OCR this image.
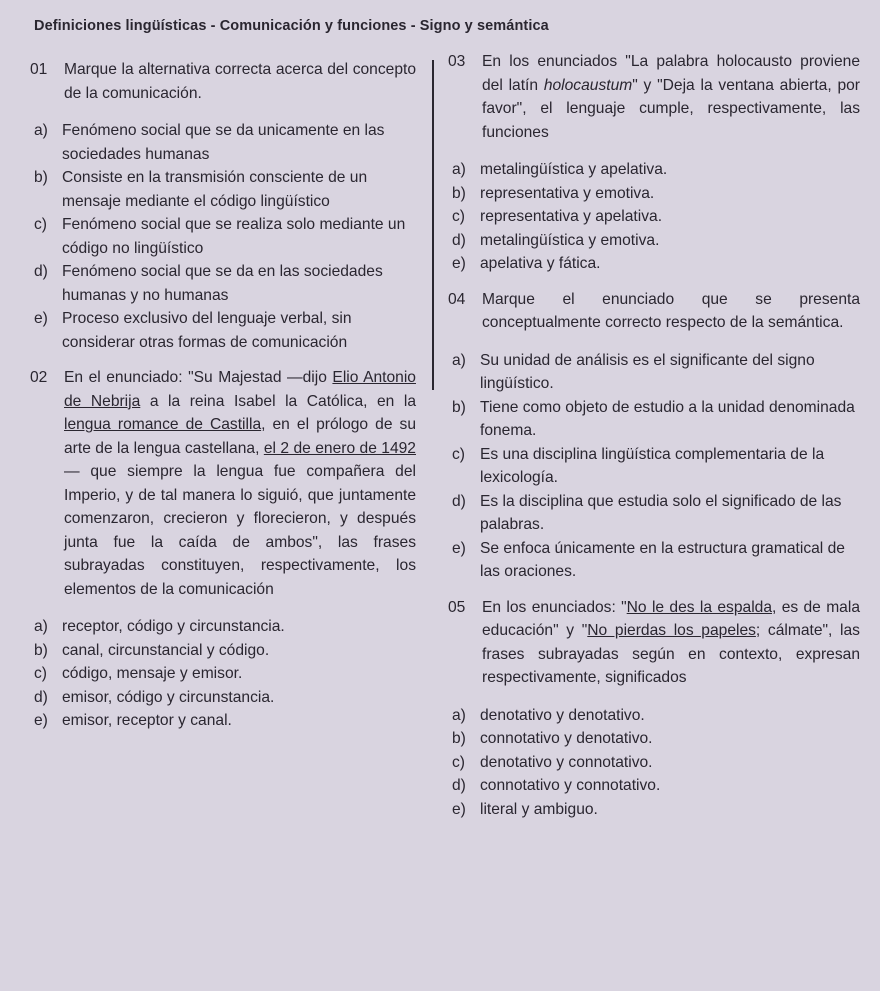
Definiciones lingüísticas - Comunicación y funciones - Signo y semántica
01	Marque la alternativa correcta acerca del concepto de la comunicación.
a) Fenómeno social que se da unicamente en las sociedades humanas
b) Consiste en la transmisión consciente de un mensaje mediante el código lingüístico
c) Fenómeno social que se realiza solo mediante un código no lingüístico
d) Fenómeno social que se da en las sociedades humanas y no humanas
e) Proceso exclusivo del lenguaje verbal, sin considerar otras formas de comunicación
02	En el enunciado: "Su Majestad —dijo Elio Antonio de Nebrija a la reina Isabel la Católica, en la lengua romance de Castilla, en el prólogo de su arte de la lengua castellana, el 2 de enero de 1492— que siempre la lengua fue compañera del Imperio, y de tal manera lo siguió, que juntamente comenzaron, crecieron y florecieron, y después junta fue la caída de ambos", las frases subrayadas constituyen, respectivamente, los elementos de la comunicación
a) receptor, código y circunstancia.
b) canal, circunstancial y código.
c) código, mensaje y emisor.
d) emisor, código y circunstancia.
e) emisor, receptor y canal.
03	En los enunciados "La palabra holocausto proviene del latín holocaustum" y "Deja la ventana abierta, por favor", el lenguaje cumple, respectivamente, las funciones
a) metalingüística y apelativa.
b) representativa y emotiva.
c) representativa y apelativa.
d) metalingüística y emotiva.
e) apelativa y fática.
04	Marque el enunciado que se presenta conceptualmente correcto respecto de la semántica.
a) Su unidad de análisis es el significante del signo lingüístico.
b) Tiene como objeto de estudio a la unidad denominada fonema.
c) Es una disciplina lingüística complementaria de la lexicología.
d) Es la disciplina que estudia solo el significado de las palabras.
e) Se enfoca únicamente en la estructura gramatical de las oraciones.
05	En los enunciados: "No le des la espalda, es de mala educación" y "No pierdas los papeles; cálmate", las frases subrayadas según en contexto, expresan respectivamente, significados
a) denotativo y denotativo.
b) connotativo y denotativo.
c) denotativo y connotativo.
d) connotativo y connotativo.
e) literal y ambiguo.
